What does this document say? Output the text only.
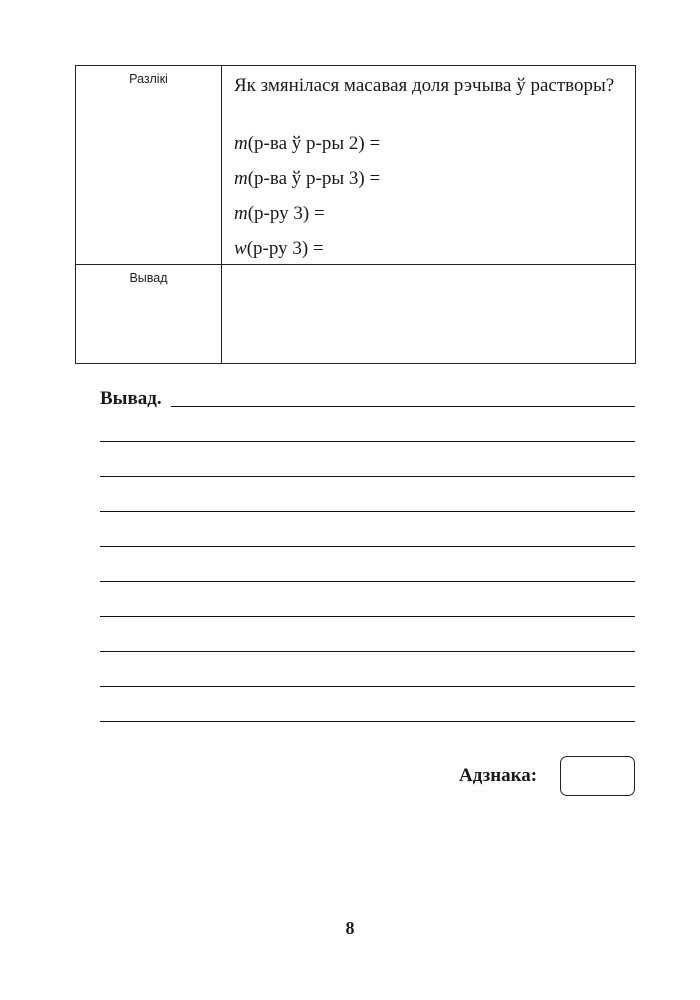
Разлікі
Вывад

Як змянілася масавая доля рэчыва ў растворы?

m(р-ва ў р-ры 2) =

m(р-ва ў р-ры 3) =

m(р-ру 3) =

w(р-ру 3) =

Вывад.
Адзнака:
8
